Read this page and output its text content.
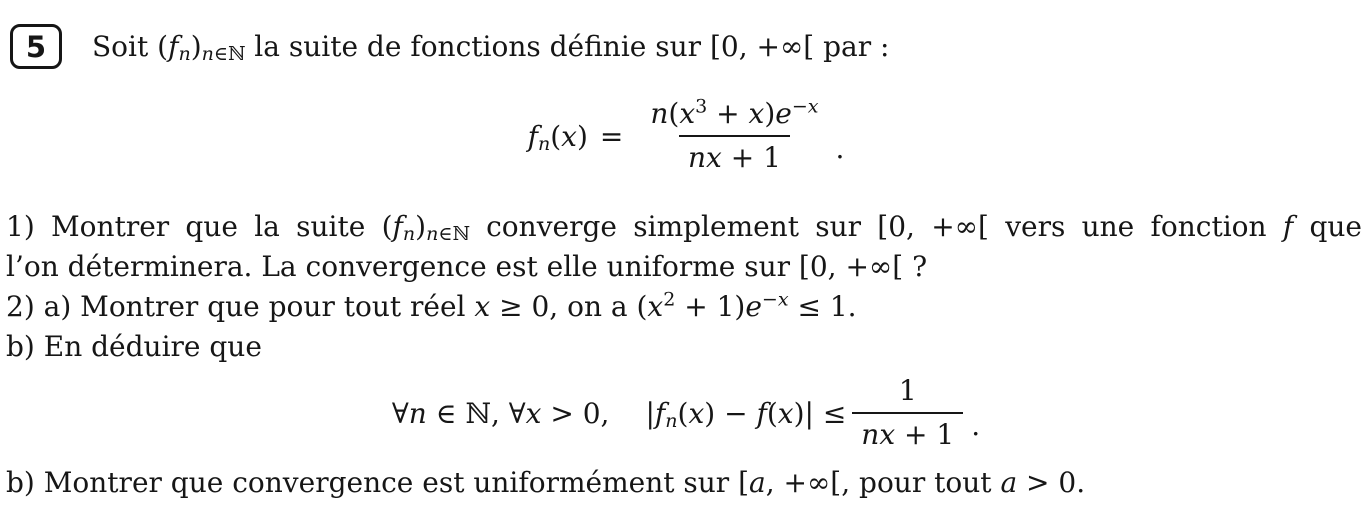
5 Soit $(fn)n_{\in ℕ}$ la suite de fonctions définie sur [0, +∞[ par :
$fn(x) = \frac{n(x^3 + x)e^{-x}}{nx + 1}$ .
1) Montrer que la suite $(fn)n_{\in ℕ}$ converge simplement sur [0, +∞[ vers une fonction f que
l’on déterminera. La convergence est elle uniforme sur [0, +∞[ ?
2) a) Montrer que pour tout réel x ≥ 0, on a $(x^2 + 1)e^{-x} \le 1$.
b) En déduire que
∀n ∈ ℕ, ∀x > 0, $|fn(x) - f(x)| \le \frac{1}{nx + 1}$ .
b) Montrer que convergence est uniformément sur [a, +∞[, pour tout a > 0.
